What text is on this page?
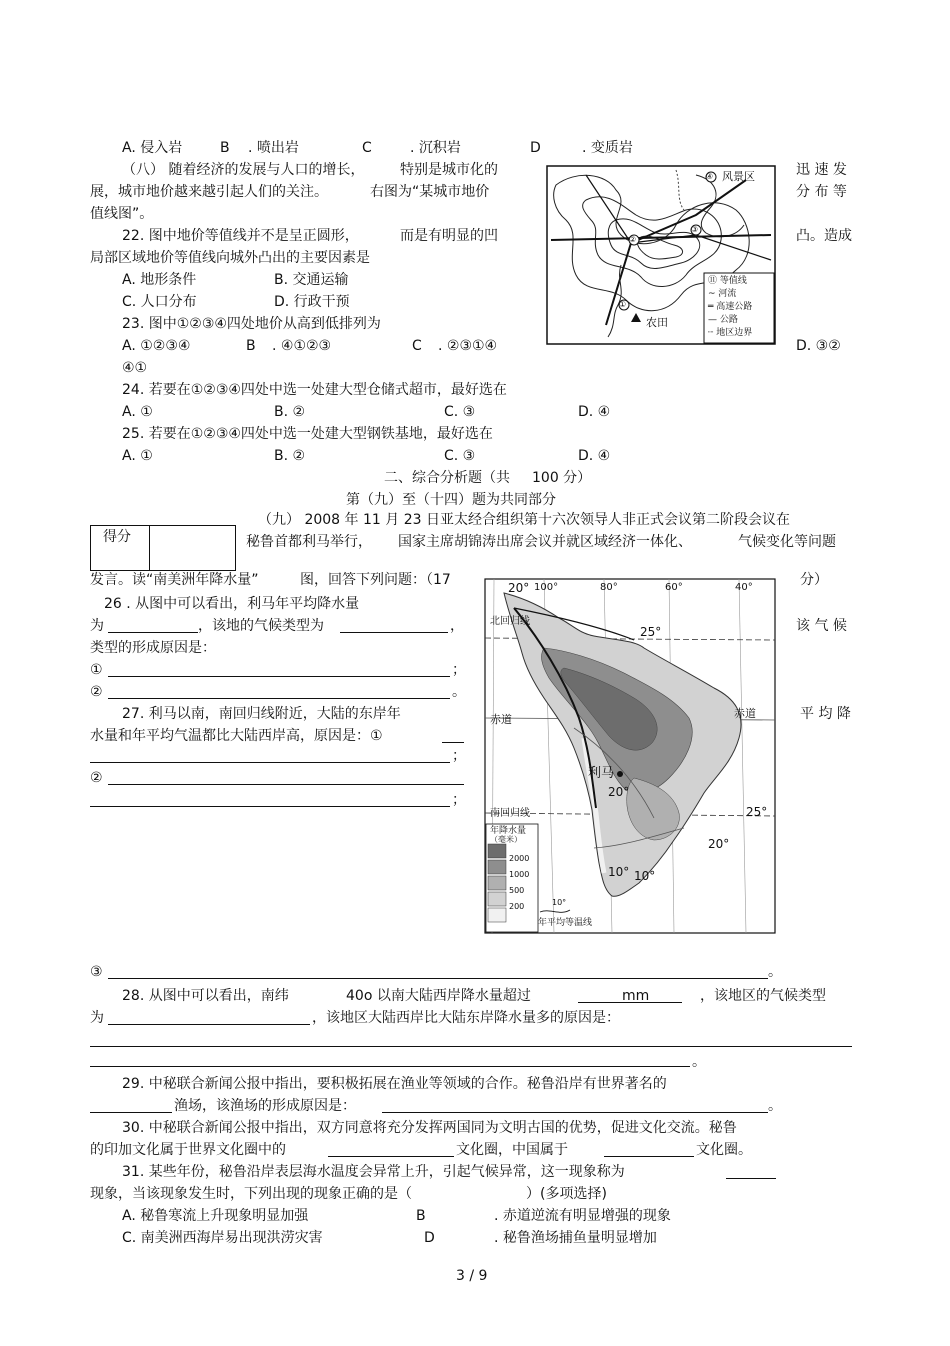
A. 侵入岩	B . 喷出岩	C	. 沉积岩	D	. 变质岩
（八） 随着经济的发展与人口的增长，	特别是城市化的	迅 速 发
展，城市地价越来越引起人们的关注。	右图为“某城市地价	分 布 等
值线图”。
②
③
①
④ 风景区
农田
⑪ 等值线
~ 河流
═ 高速公路
— 公路
┈ 地区边界
22. 图中地价等值线并不是呈正圆形，	而是有明显的凹	凸。造成
局部区域地价等值线向城外凸出的主要因素是
A. 地形条件	B. 交通运输
C. 人口分布	D. 行政干预
23. 图中①②③④四处地价从高到低排列为
A. ①②③④	B . ④①②③	C . ②③①④	D. ③②
④①
24. 若要在①②③④四处中选一处建大型仓储式超市，最好选在
A. ①	B. ②	C. ③	D. ④
25. 若要在①②③④四处中选一处建大型钢铁基地，最好选在
A. ①	B. ②	C. ③	D. ④
二、综合分析题（共 100 分）
第（九）至（十四）题为共同部分
得分
（九） 2008 年 11 月 23 日亚太经合组织第十六次领导人非正式会议第二阶段会议在
秘鲁首都利马举行， 国家主席胡锦涛出席会议并就区域经济一体化、	气候变化等问题
发言。读“南美洲年降水量”	图，回答下列问题：（17	分）
26 . 从图中可以看出，利马年平均降水量
为	，该地的气候类型为	，	该 气 候
类型的形成原因是：
①	；
②	。
27. 利马以南，南回归线附近，大陆的东岸年	平 均 降
水量和年平均气温都比大陆西岸高，原因是：①
；
②
；
③	。
20° 100°	80°	60°	40°
北回归线
25°
赤道	赤道
利马
20°
南回归线	25°
20°
10° 10°
年降水量
（毫米）
2000
1000
500
200	10°
年平均等温线
28. 从图中可以看出，南纬	40o 以南大陆西岸降水量超过	mm	，该地区的气候类型
为	，该地区大陆西岸比大陆东岸降水量多的原因是：
。
29. 中秘联合新闻公报中指出，要积极拓展在渔业等领域的合作。秘鲁沿岸有世界著名的
渔场，该渔场的形成原因是：	。
30. 中秘联合新闻公报中指出，双方同意将充分发挥两国同为文明古国的优势，促进文化交流。秘鲁
的印加文化属于世界文化圈中的	文化圈，中国属于	文化圈。
31. 某些年份，秘鲁沿岸表层海水温度会异常上升，引起气候异常，这一现象称为
现象，当该现象发生时，下列出现的现象正确的是（	）(多项选择)
A. 秘鲁寒流上升现象明显加强	B	. 赤道逆流有明显增强的现象
C. 南美洲西海岸易出现洪涝灾害	D	. 秘鲁渔场捕鱼量明显增加
3 / 9
